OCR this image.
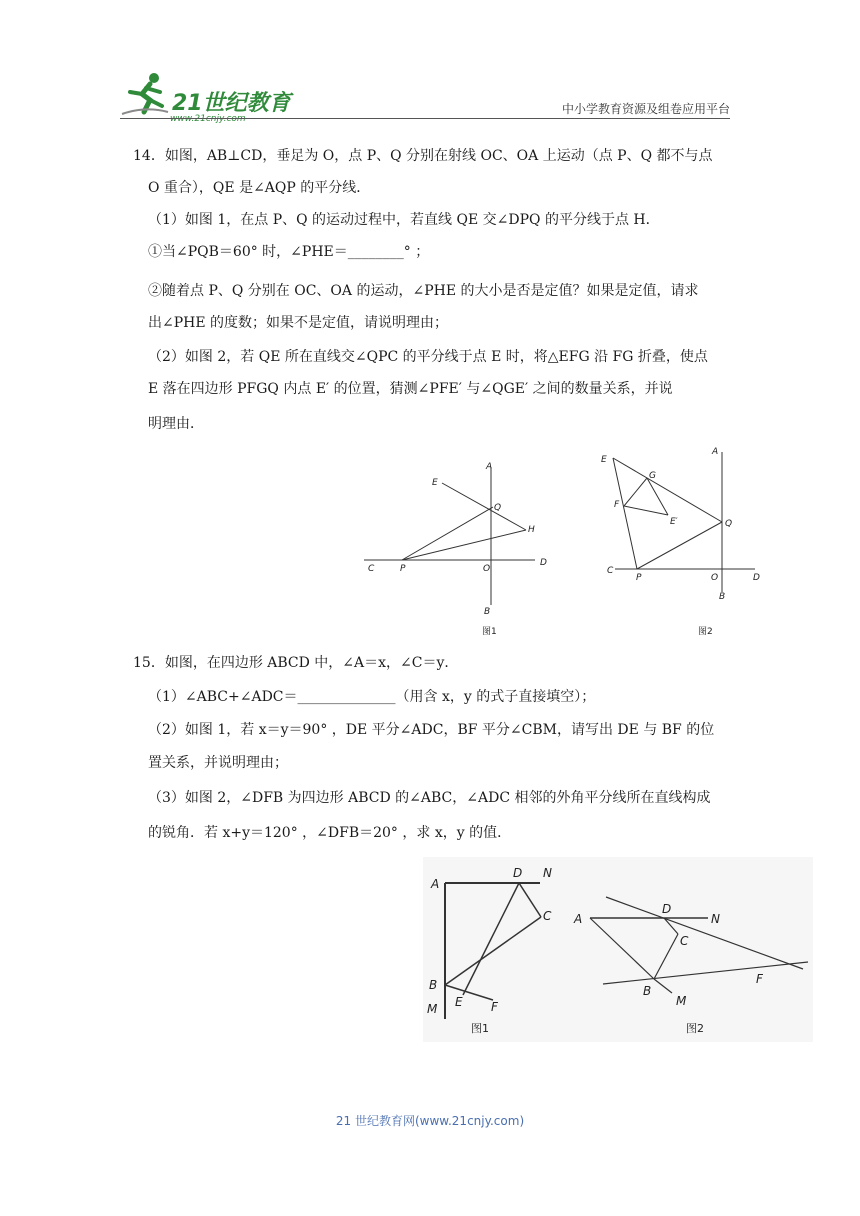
21世纪教育
www.21cnjy.com
中小学教育资源及组卷应用平台
14．如图，AB⊥CD，垂足为 O，点 P、Q 分别在射线 OC、OA 上运动（点 P、Q 都不与点
O 重合），QE 是∠AQP 的平分线．
（1）如图 1，在点 P、Q 的运动过程中，若直线 QE 交∠DPQ 的平分线于点 H．
①当∠PQB＝60° 时，∠PHE＝________° ；
②随着点 P、Q 分别在 OC、OA 的运动，∠PHE 的大小是否是定值？如果是定值，请求
出∠PHE 的度数；如果不是定值，请说明理由；
（2）如图 2，若 QE 所在直线交∠QPC 的平分线于点 E 时，将△EFG 沿 FG 折叠，使点
E 落在四边形 PFGQ 内点 E′ 的位置，猜测∠PFE′ 与∠QGE′ 之间的数量关系，并说
明理由．
A
B
C
D
E
O
P
Q
H
图1
A
B
C
D
E
F
G
E′
O
P
Q
图2
15．如图，在四边形 ABCD 中，∠A＝x，∠C＝y．
（1）∠ABC+∠ADC＝______________（用含 x，y 的式子直接填空）；
（2）如图 1，若 x＝y＝90° ，DE 平分∠ADC，BF 平分∠CBM，请写出 DE 与 BF 的位
置关系，并说明理由；
（3）如图 2，∠DFB 为四边形 ABCD 的∠ABC，∠ADC 相邻的外角平分线所在直线构成
的锐角．若 x+y＝120° ，∠DFB＝20° ，求 x，y 的值．
A
B
C
D N
M E F
图1
A
B
C
D
N
M
F
图2
21 世纪教育网(www.21cnjy.com)
